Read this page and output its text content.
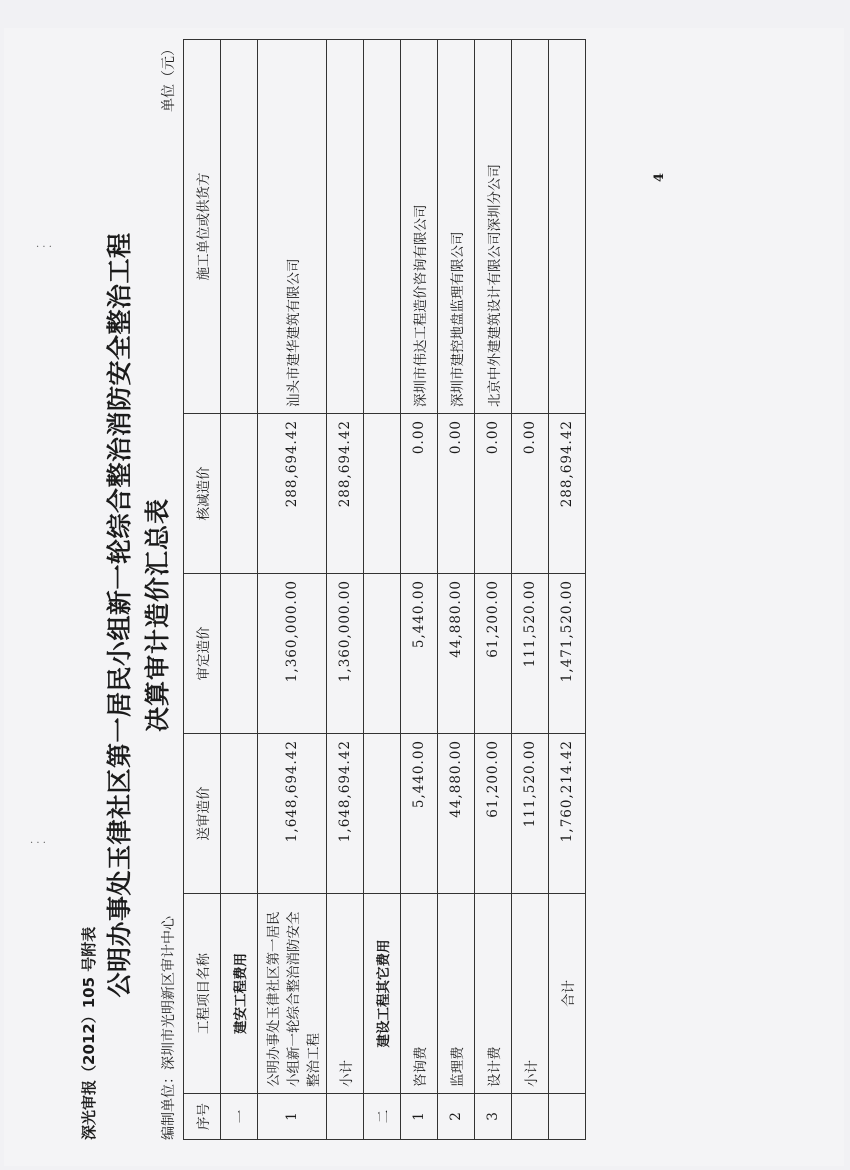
· · ·
· · ·
4
深光审报（2012）105 号附表
公明办事处玉律社区第一居民小组新一轮综合整治消防安全整治工程 决算审计造价汇总表
编制单位：深圳市光明新区审计中心
单位（元）
序号	工程项目名称	送审造价	审定造价	核减造价	施工单位或供货方
一	建安工程费用				
1	公明办事处玉律社区第一居民小组新一轮综合整治消防安全整治工程	1,648,694.42	1,360,000.00	288,694.42	汕头市建华建筑有限公司
	小计	1,648,694.42	1,360,000.00	288,694.42	
二	建设工程其它费用				
1	咨询费	5,440.00	5,440.00	0.00	深圳市伟达工程造价咨询有限公司
2	监理费	44,880.00	44,880.00	0.00	深圳市建控地盘监理有限公司
3	设计费	61,200.00	61,200.00	0.00	北京中外建建筑设计有限公司深圳分公司
	小计	111,520.00	111,520.00	0.00	
	合计	1,760,214.42	1,471,520.00	288,694.42	
